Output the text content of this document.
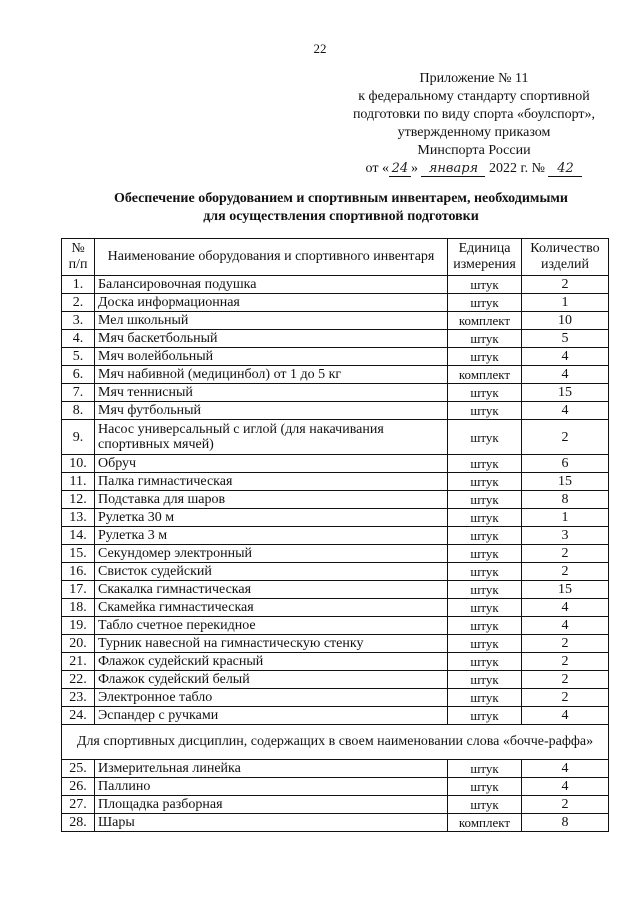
22
Приложение № 11
к федеральному стандарту спортивной
подготовки по виду спорта «боулспорт»,
утвержденному приказом
Минспорта России
от « 24 » января 2022 г. № 42
Обеспечение оборудованием и спортивным инвентарем, необходимыми
для осуществления спортивной подготовки
№ п/п	Наименование оборудования и спортивного инвентаря	Единица измерения	Количество изделий
1.	Балансировочная подушка	штук	2
2.	Доска информационная	штук	1
3.	Мел школьный	комплект	10
4.	Мяч баскетбольный	штук	5
5.	Мяч волейбольный	штук	4
6.	Мяч набивной (медицинбол) от 1 до 5 кг	комплект	4
7.	Мяч теннисный	штук	15
8.	Мяч футбольный	штук	4
9.	Насос универсальный с иглой (для накачивания спортивных мячей)	штук	2
10.	Обруч	штук	6
11.	Палка гимнастическая	штук	15
12.	Подставка для шаров	штук	8
13.	Рулетка 30 м	штук	1
14.	Рулетка 3 м	штук	3
15.	Секундомер электронный	штук	2
16.	Свисток судейский	штук	2
17.	Скакалка гимнастическая	штук	15
18.	Скамейка гимнастическая	штук	4
19.	Табло счетное перекидное	штук	4
20.	Турник навесной на гимнастическую стенку	штук	2
21.	Флажок судейский красный	штук	2
22.	Флажок судейский белый	штук	2
23.	Электронное табло	штук	2
24.	Эспандер с ручками	штук	4
Для спортивных дисциплин, содержащих в своем наименовании слова «бочче-раффа»			
25.	Измерительная линейка	штук	4
26.	Паллино	штук	4
27.	Площадка разборная	штук	2
28.	Шары	комплект	8
